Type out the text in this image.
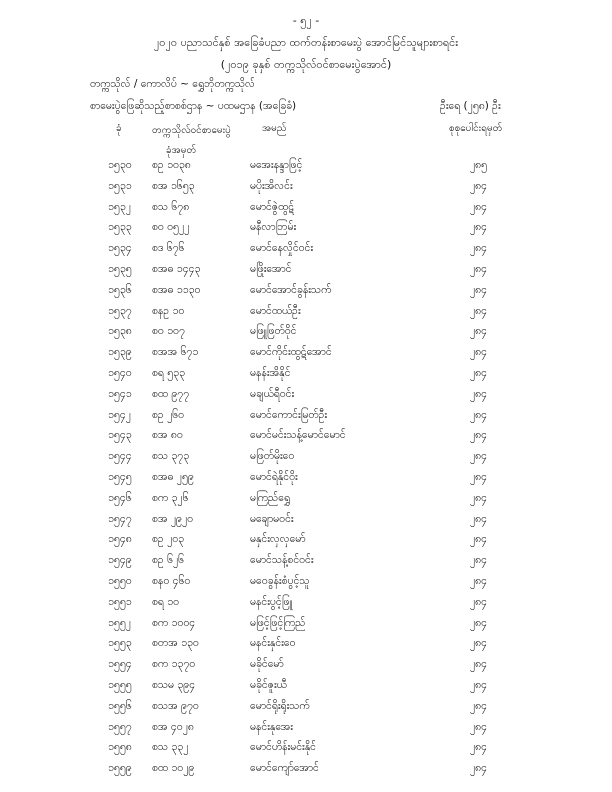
- ၅၂ -
၂၀၂၀ ပညာသင်နှစ် အခြေခံပညာ ထက်တန်းစာမေးပွဲ အောင်မြင်သူများစာရင်း
(၂၀၁၉ ခုနှစ် တက္ကသိုလ်ဝင်စာမေးပွဲအောင်)
တက္ကသိုလ် / ကောလိပ် ~ ရွှေဘိုတက္ကသိုလ်
စာမေးပွဲဖြေဆိုသည့်စာစစ်ဌာန ~ ပထမဌာန (အခြေခံ)	ဦးရေ (၂၅၈) ဦး
ခုံ	တက္ကသိုလ်ဝင်စာမေးပွဲ
ခုံအမှတ်
အမည်	စုစုပေါင်းရမှတ်
၁၅၃၀ စဥ ၁၀၃၈	မအေးနန္ဒာဖြင့်	၂၈၅
၁၅၃၁ စအ ၁၆၅၃	မပိုးအိလင်း	၂၈၄
၁၅၃၂ စသ ၆၇၈	မောင်ဇွဲထွဋ်	၂၈၄
၁၅၃၃ စဝ ၀၅၂၂	မနီလာဘြမ်း	၂၈၄
၁၅၃၄ စဒ ၆၇၆	မောင်နေလှိုင်ဝင်း	၂၈၄
၁၅၃၅ စအဓ ၁၄၄၃	မဖြိုးအောင်	၂၈၄
၁၅၃၆ စအဓ ၁၁၃၀	မောင်အောင်ခွန်းသက်	၂၈၄
၁၅၃၇ စနဥ ၁၀	မောင်ထယ်ဦး	၂၈၄
၁၅၃၈ စဝ ၁၀၇	မဖြူဖြတ်ဝိုင်	၂၈၄
၁၅၃၉ စအအ ၆၇၁	မောင်ကိုင်းထွဋ်အောင်	၂၈၄
၁၅၄၀ စရ ၅၃၃	မနန်းအိနိုင်	၂၈၄
၁၅၄၁ စထ ၉၇၇	မချယ်ရီဝင်း	၂၈၄
၁၅၄၂ စဥ ၂၆၀	မောင်ကောင်းမြတ်ဦး	၂၈၄
၁၅၄၃ စအ ၈၀	မောင်မင်းသန့်မောင်မောင်	၂၈၄
၁၅၄၄ စသ ၃၇၃	မဖြတ်မိုးဝေ	၂၈၄
၁၅၄၅ စအဓ ၂၅၉	မောင်ရဲနိုင်ဝိုး	၂၈၄
၁၅၄၆ စက ၃၂၆	မကြည်ရွှေ	၂၈၄
၁၅၄၇ စအ ၂၉၂၀	မချောမဝင်း	၂၈၄
၁၅၄၈ စဥ ၂၀၃	မနှင်းလှလှမော်	၂၈၄
၁၅၄၉ စဥ ၆၂၆	မောင်သန့်စင်ဝင်း	၂၈၄
၁၅၅၀ စနဝ ၄၆၀	မဝေခွန်းစံပွင့်သူ	၂၈၄
၁၅၅၁ စရ ၁၀	မနင်းပွင့်ဖြူ	၂၈၄
၁၅၅၂ စက ၁၀၀၄	မဖြင့်ဖြင့်ကြည်	၂၈၄
၁၅၅၃ စတအ ၁၃၀	မနင်းနှင်းဝေ	၂၈၄
၁၅၅၄ စက ၁၃၇၀	မခိုင်မော်	၂၈၄
၁၅၅၅ စသမ ၃၉၄	မခိုင်ဇူးယီ	၂၈၄
၁၅၅၆ စသအ ၉၇၀	မောင်ရိုးရိုးသက်	၂၈၄
၁၅၅၇ စအ ၄၀၂၈	မနင်းနုအေး	၂၈၄
၁၅၅၈ စသ ၃၃၂	မောင်ဟိန်းမင်းနိုင်	၂၈၄
၁၅၅၉ စထ ၁၀၂၉	မောင်ကျော်အောင်	၂၈၄
